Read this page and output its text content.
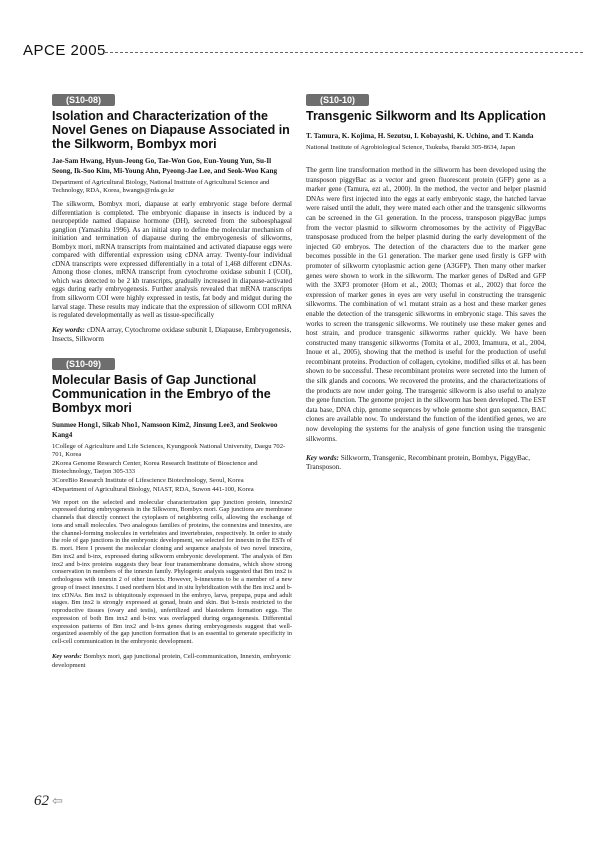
APCE 2005
(S10-08)
Isolation and Characterization of the Novel Genes on Diapause Associated in the Silkworm, Bombyx mori
Jae-Sam Hwang, Hyun-Jeong Go, Tae-Won Goo, Eun-Young Yun, Su-Il Seong, Ik-Soo Kim, Mi-Young Ahn, Pyeong-Jae Lee, and Seok-Woo Kang
Department of Agricultural Biology, National Institute of Agricultural Science and Technology, RDA, Korea, hwangjs@rda.go.kr

The silkworm, Bombyx mori, diapause at early embryonic stage before dermal differentiation is completed. The embryonic diapause in insects is induced by a neuropeptide named diapause hormone (DH), secreted from the suboesphageal ganglion (Yamashita 1996). As an initial step to define the molecular mechanism of initiation and termination of diapause during the embryogenesis of silkworms, Bombyx mori, mRNA transcripts from maintained and activated diapause eggs were compared with differential expression using cDNA array. Twenty-four individual cDNA transcripts were expressed differentially in a total of 1,468 different cDNAs. Among those clones, mRNA transcript from cytochrome oxidase subunit I (COI), which was detected to be 2 kb transcripts, gradually increased in diapause-activated eggs during early embryogenesis. Further analysis revealed that mRNA transcripts from silkworm COI were highly expressed in testis, fat body and midgut during the larval stage. These results may indicate that the expression of silkworm COI mRNA is regulated developmentally as well as tissue-specifically

Key words: cDNA array, Cytochrome oxidase subunit I, Diapause, Embryogenesis, Insects, Silkworm
(S10-09)
Molecular Basis of Gap Junctional Communication in the Embryo of the Bombyx mori
Sunmee Hong1, Sikab Nho1, Namsoon Kim2, Jinsung Lee3, and Seokwoo Kang4
1College of Agriculture and Life Sciences, Kyungpook National University, Daegu 702-701, Korea
2Korea Genome Research Center, Korea Research Institute of Bioscience and Biotechnology, Taejon 305-333
3CoreBio Research Institute of Lifescience Biotechnology, Seoul, Korea
4Department of Agricultural Biology, NIAST, RDA, Suwon 441-100, Korea

We report on the selected and molecular characterization gap junction protein, innexin2 expressed during embryogenesis in the Silkworm, Bombyx mori. Gap junctions are membrane channels that directly connect the cytoplasm of neighboring cells, allowing the exchange of ions and small molecules. Two analogous families of proteins, the connexins and innexins, are the channel-forming molecules in vertebrates and invertebrates, respectively. In order to study the role of gap junctions in the embryonic development, we selected for innexin in the ESTs of B. mori. Here I present the molecular cloning and sequence analysis of two novel innexins, Bm inx2 and b-inx, expressed during silkworm embryonic development. The analysis of Bm inx2 and b-inx proteins suggests they bear four transmembrane domains, which show strong conservation in members of the innexin family. Phylogenic analysis suggested that Bm inx2 is orthologous with innexin 2 of other insects. However, b-innexems to be a member of a new group of insect innexins. I used northern blot and in situ hybridization with the Bm inx2 and b-inx cDNAs. Bm inx2 is ubiquitously expressed in the embryo, larva, prepupa, pupa and adult stages. Bm inx2 is strongly expressed at gonad, brain and skin. But b-inxis restricted to the reproductive tissues (ovary and testis), unfertilized and blastoderm formation eggs. The expression of both Bm inx2 and b-inx was overlapped during organogenesis. Differential expression patterns of Bm inx2 and b-inx genes during embryogenesis suggest that well-organized assembly of the gap junction formation that is an essential to generate specificity in cell-cell communication in the embryonic development.

Key words: Bombyx mori, gap junctional protein, Cell-communication, Innexin, embryonic development
(S10-10)
Transgenic Silkworm and Its Application
T. Tamura, K. Kojima, H. Sezutsu, I. Kobayashi, K. Uchino, and T. Kanda
National Institute of Agrobiological Science, Tsukuba, Ibaraki 305-8634, Japan

The germ line transformation method in the silkworm has been developed using the transposon piggyBac as a vector and green fluorescent protein (GFP) gene as a marker gene (Tamura, ezt al., 2000). In the method, the vector and helper plasmid DNAs were first injected into the eggs at early embryonic stage, the hatched larvae were raised until the adult, they were mated each other and the transgenic silkworms can be screened in the G1 generation. In the process, transposon piggyBac jumps from the vector plasmid to silkworm chromosomes by the activity of PiggyBac transposase produced from the helper plasmid during the early development of the injected G0 embryos. The detection of the characters due to the marker gene becomes possible in the G1 generation. The marker gene used firstly is GFP with promoter of silkworm cytoplasmic action gene (A3GFP). Then many other marker genes were shown to work in the silkworm. The marker genes of DsRed and GFP with the 3XP3 promoter (Horn et al., 2003; Thomas et al., 2002) that force the expression of marker genes in eyes are very useful in constructing the transgenic silkworms. The combination of w1 mutant strain as a host and these marker genes enable the detection of the transgenic silkworms in embryonic stage. This saves the works to screen the transgenic silkworms. We routinely use these maker genes and host strain, and produce transgenic silkworms rather quickly. We have been constructed many transgenic silkworms (Tomita et al., 2003, Imamura, et al., 2004, Inoue et al., 2005), showing that the method is useful for the production of useful recombinant proteins. Production of collagen, cytokine, modified silks et al. has been shown to be successful. These recombinant proteins were secreted into the lumen of the silk glands and cocoons. We recovered the proteins, and the characterizations of the products are now under going. The transgenic silkworm is also useful to analyze the gene function. The genome project in the silkworm has been developed. The EST data base, DNA chip, genome sequences by whole genome shot gun sequence, BAC clones are available now. To understand the function of the identified genes, we are now developing the systems for the analysis of gene function using the transgenic silkworms.

Key words: Silkworm, Transgenic, Recombinant protein, Bombyx, PiggyBac, Transposon.
62 ⇦
